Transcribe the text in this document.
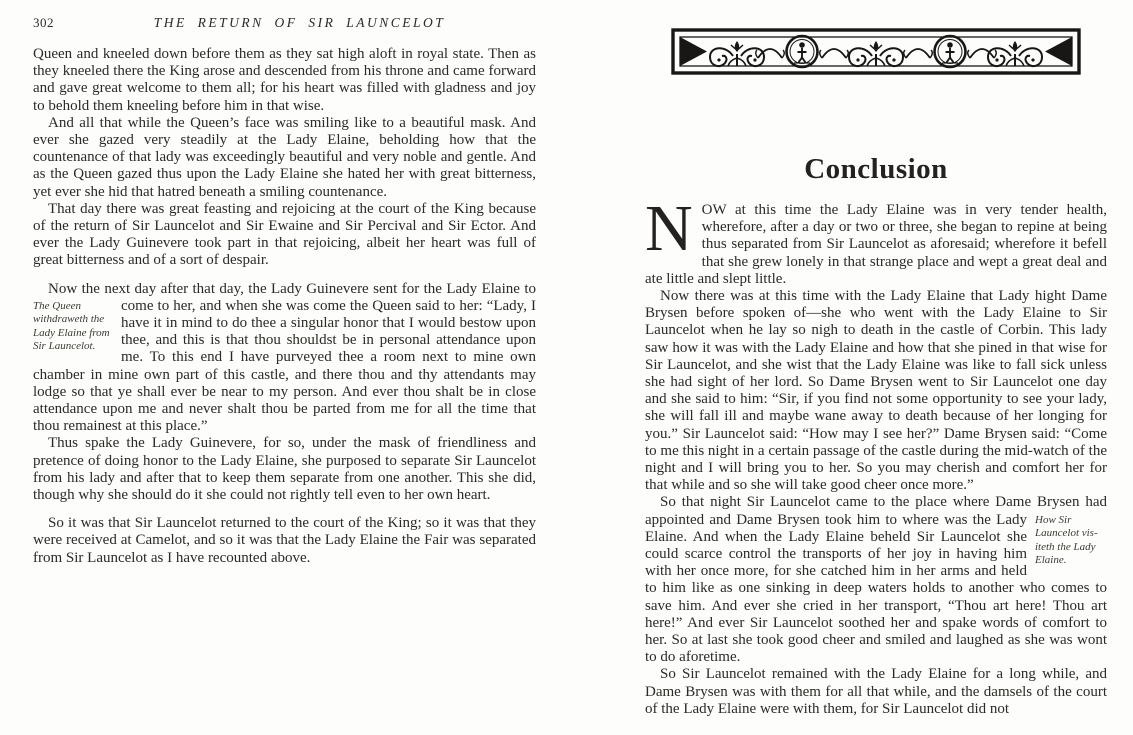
302	THE RETURN OF SIR LAUNCELOT

Queen and kneeled down before them as they sat high aloft in royal state. Then as they kneeled there the King arose and descended from his throne and came forward and gave great welcome to them all; for his heart was filled with gladness and joy to behold them kneeling before him in that wise.

And all that while the Queen’s face was smiling like to a beautiful mask. And ever she gazed very steadily at the Lady Elaine, beholding how that the countenance of that lady was exceedingly beautiful and very noble and gentle. And as the Queen gazed thus upon the Lady Elaine she hated her with great bitterness, yet ever she hid that hatred beneath a smiling countenance.

That day there was great feasting and rejoicing at the court of the King because of the return of Sir Launcelot and Sir Ewaine and Sir Percival and Sir Ector. And ever the Lady Guinevere took part in that rejoicing, albeit her heart was full of great bitterness and of a sort of despair.

Now the next day after that day, the Lady Guinevere sent for the Lady
The Queen withdraweth the Lady Elaine from Sir Launcelot.
Elaine to come to her, and when she was come the Queen said to her: “Lady, I have it in mind to do thee a singular honor that I would bestow upon thee, and this is that thou shouldst be in personal attendance upon me. To this end I have purveyed thee a room next to mine own chamber in mine own part of this castle, and there thou and thy attendants may lodge so that ye shall ever be near to my person. And ever thou shalt be in close attendance upon me and never shalt thou be parted from me for all the time that thou remainest at this place.”

Thus spake the Lady Guinevere, for so, under the mask of friendliness and pretence of doing honor to the Lady Elaine, she purposed to separate Sir Launcelot from his lady and after that to keep them separate from one another. This she did, though why she should do it she could not rightly tell even to her own heart.

So it was that Sir Launcelot returned to the court of the King; so it was that they were received at Camelot, and so it was that the Lady Elaine the Fair was separated from Sir Launcelot as I have recounted above.

Conclusion

NOW at this time the Lady Elaine was in very tender health, wherefore, after a day or two or three, she began to repine at being thus separated from Sir Launcelot as aforesaid; wherefore it befell that she grew lonely in that strange place and wept a great deal and ate little and slept little.

Now there was at this time with the Lady Elaine that Lady hight Dame Brysen before spoken of—she who went with the Lady Elaine to Sir Launcelot when he lay so nigh to death in the castle of Corbin. This lady saw how it was with the Lady Elaine and how that she pined in that wise for Sir Launcelot, and she wist that the Lady Elaine was like to fall sick unless she had sight of her lord. So Dame Brysen went to Sir Launcelot one day and she said to him: “Sir, if you find not some opportunity to see your lady, she will fall ill and maybe wane away to death because of her longing for you.” Sir Launcelot said: “How may I see her?” Dame Brysen said: “Come to me this night in a certain passage of the castle during the mid-watch of the night and I will bring you to her. So you may cherish and comfort her for that while and so she will take good cheer once more.”

So that night Sir Launcelot came to the place where Dame Brysen had
How Sir Launcelot vis-iteth the Lady Elaine.
appointed and Dame Brysen took him to where was the Lady Elaine. And when the Lady Elaine beheld Sir Launcelot she could scarce control the transports of her joy in having him with her once more, for she catched him in her arms and held to him like as one sinking in deep waters holds to another who comes to save him. And ever she cried in her transport, “Thou art here! Thou art here!” And ever Sir Launcelot soothed her and spake words of comfort to her. So at last she took good cheer and smiled and laughed as she was wont to do aforetime.

So Sir Launcelot remained with the Lady Elaine for a long while, and Dame Brysen was with them for all that while, and the damsels of the court of the Lady Elaine were with them, for Sir Launcelot did not
